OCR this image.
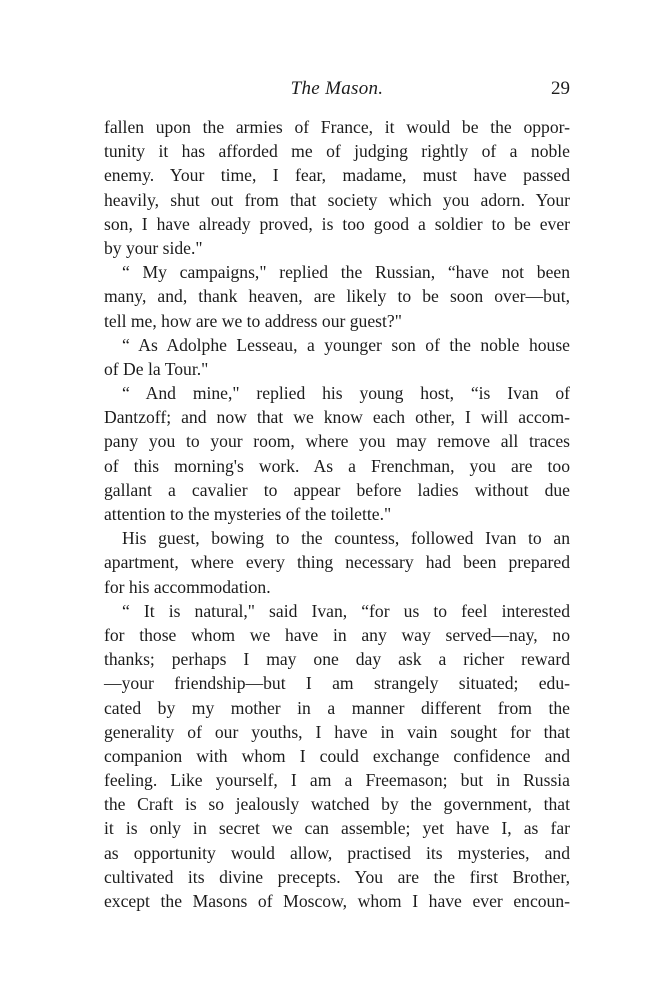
The Mason.	29
fallen upon the armies of France, it would be the oppor-
tunity it has afforded me of judging rightly of a noble
enemy. Your time, I fear, madame, must have passed
heavily, shut out from that society which you adorn. Your
son, I have already proved, is too good a soldier to be ever
by your side."
“ My campaigns," replied the Russian, “have not been
many, and, thank heaven, are likely to be soon over—but,
tell me, how are we to address our guest?"
“ As Adolphe Lesseau, a younger son of the noble house
of De la Tour."
“ And mine," replied his young host, “is Ivan of
Dantzoff; and now that we know each other, I will accom-
pany you to your room, where you may remove all traces
of this morning's work. As a Frenchman, you are too
gallant a cavalier to appear before ladies without due
attention to the mysteries of the toilette."
His guest, bowing to the countess, followed Ivan to an
apartment, where every thing necessary had been prepared
for his accommodation.
“ It is natural," said Ivan, “for us to feel interested
for those whom we have in any way served—nay, no
thanks; perhaps I may one day ask a richer reward
—your friendship—but I am strangely situated; edu-
cated by my mother in a manner different from the
generality of our youths, I have in vain sought for that
companion with whom I could exchange confidence and
feeling. Like yourself, I am a Freemason; but in Russia
the Craft is so jealously watched by the government, that
it is only in secret we can assemble; yet have I, as far
as opportunity would allow, practised its mysteries, and
cultivated its divine precepts. You are the first Brother,
except the Masons of Moscow, whom I have ever encoun-
